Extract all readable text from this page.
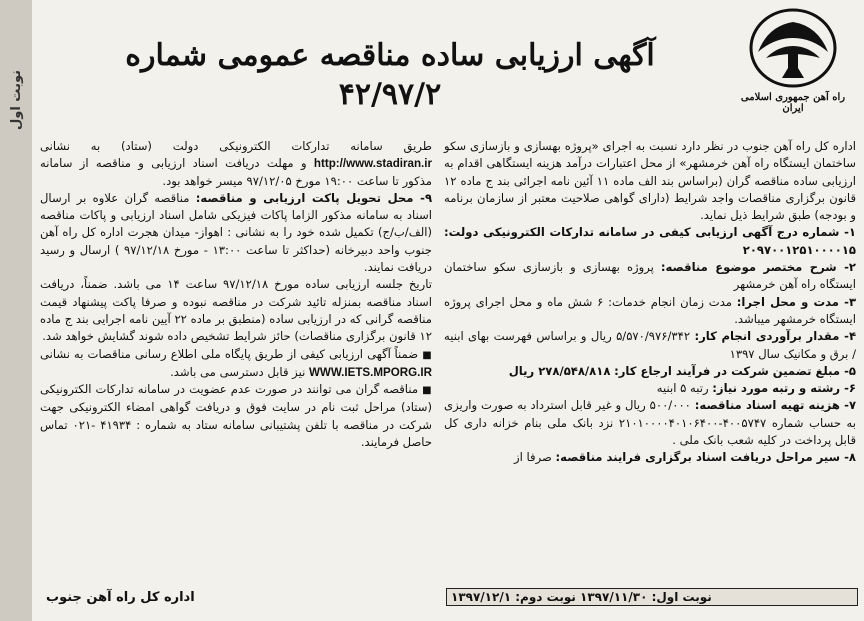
نوبت اول	راه آهن جمهوری اسلامی ایران
آگهی ارزیابی ساده مناقصه عمومی شماره
۴۲/۹۷/۲

اداره کل راه آهن جنوب در نظر دارد نسبت به اجرای «پروژه بهسازی و بازسازی سکو ساختمان ایستگاه راه آهن خرمشهر» از محل اعتبارات درآمد هزینه ایستگاهی اقدام به ارزیابی ساده مناقصه گران (براساس بند الف ماده ۱۱ آئین نامه اجرائی بند ج ماده ۱۲ قانون برگزاری مناقصات واجد شرایط (دارای گواهی صلاحیت معتبر از سازمان برنامه و بودجه) طبق شرایط ذیل نماید.

۱- شماره درج آگهی ارزیابی کیفی در سامانه تدارکات الکترونیکی دولت: ۲۰۹۷۰۰۱۲۵۱۰۰۰۰۱۵

۲- شرح مختصر موضوع مناقصه: پروژه بهسازی و بازسازی سکو ساختمان ایستگاه راه آهن خرمشهر

۳- مدت و محل اجرا: مدت زمان انجام خدمات: ۶ شش ماه و محل اجرای پروژه ایستگاه خرمشهر میباشد.

۴- مقدار برآوردی انجام کار: ۵/۵۷۰/۹۷۶/۳۴۲ ریال و براساس فهرست بهای ابنیه / برق و مکانیک سال ۱۳۹۷

۵- مبلغ تضمین شرکت در فرآیند ارجاع کار: ۲۷۸/۵۴۸/۸۱۸ ریال

۶- رشته و رتبه مورد نیاز: رتبه ۵ ابنیه

۷- هزینه تهیه اسناد مناقصه: ۵۰۰/۰۰۰ ریال و غیر قابل استرداد به صورت واریزی به حساب شماره ۴۰۰۵۷۴۷-۲۱۰۱۰۰۰۰۴۰۱۰۶۴۰۰ نزد بانک ملی بنام خزانه داری کل قابل پرداخت در کلیه شعب بانک ملی .

۸- سیر مراحل دریافت اسناد برگزاری فرایند مناقصه: صرفا از

نوبت اول: ۱۳۹۷/۱۱/۳۰ نوبت دوم: ۱۳۹۷/۱۲/۱

طریق سامانه تدارکات الکترونیکی دولت (ستاد) به نشانی http://www.stadiran.ir و مهلت دریافت اسناد ارزیابی و مناقصه از سامانه مذکور تا ساعت ۱۹:۰۰ مورخ ۹۷/۱۲/۰۵ میسر خواهد بود.

۹- محل تحویل پاکت ارزیابی و مناقصه: مناقصه گران علاوه بر ارسال اسناد به سامانه مذکور الزاما پاکات فیزیکی شامل اسناد ارزیابی و پاکات مناقصه (الف/ب/ج) تکمیل شده خود را به نشانی : اهواز- میدان هجرت اداره کل راه آهن جنوب واحد دبیرخانه (حداکثر تا ساعت ۱۳:۰۰ - مورخ ۹۷/۱۲/۱۸ ) ارسال و رسید دریافت نمایند.

تاریخ جلسه ارزیابی ساده مورخ ۹۷/۱۲/۱۸ ساعت ۱۴ می باشد. ضمناً، دریافت اسناد مناقصه بمنزله تائید شرکت در مناقصه نبوده و صرفا پاکت پیشنهاد قیمت مناقصه گرانی که در ارزیابی ساده (منطبق بر ماده ۲۲ آیین نامه اجرایی بند ج ماده ۱۲ قانون برگزاری مناقصات) حائز شرایط تشخیص داده شوند گشایش خواهد شد.

■ ضمناً آگهی ارزیابی کیفی از طریق پایگاه ملی اطلاع رسانی مناقصات به نشانی WWW.IETS.MPORG.IR نیز قابل دسترسی می باشد.

■ مناقصه گران می توانند در صورت عدم عضویت در سامانه تدارکات الکترونیکی (ستاد) مراحل ثبت نام در سایت فوق و دریافت گواهی امضاء الکترونیکی جهت شرکت در مناقصه با تلفن پشتیبانی سامانه ستاد به شماره : ۴۱۹۳۴ -۰۲۱ تماس حاصل فرمایند.

اداره کل راه آهن جنوب
